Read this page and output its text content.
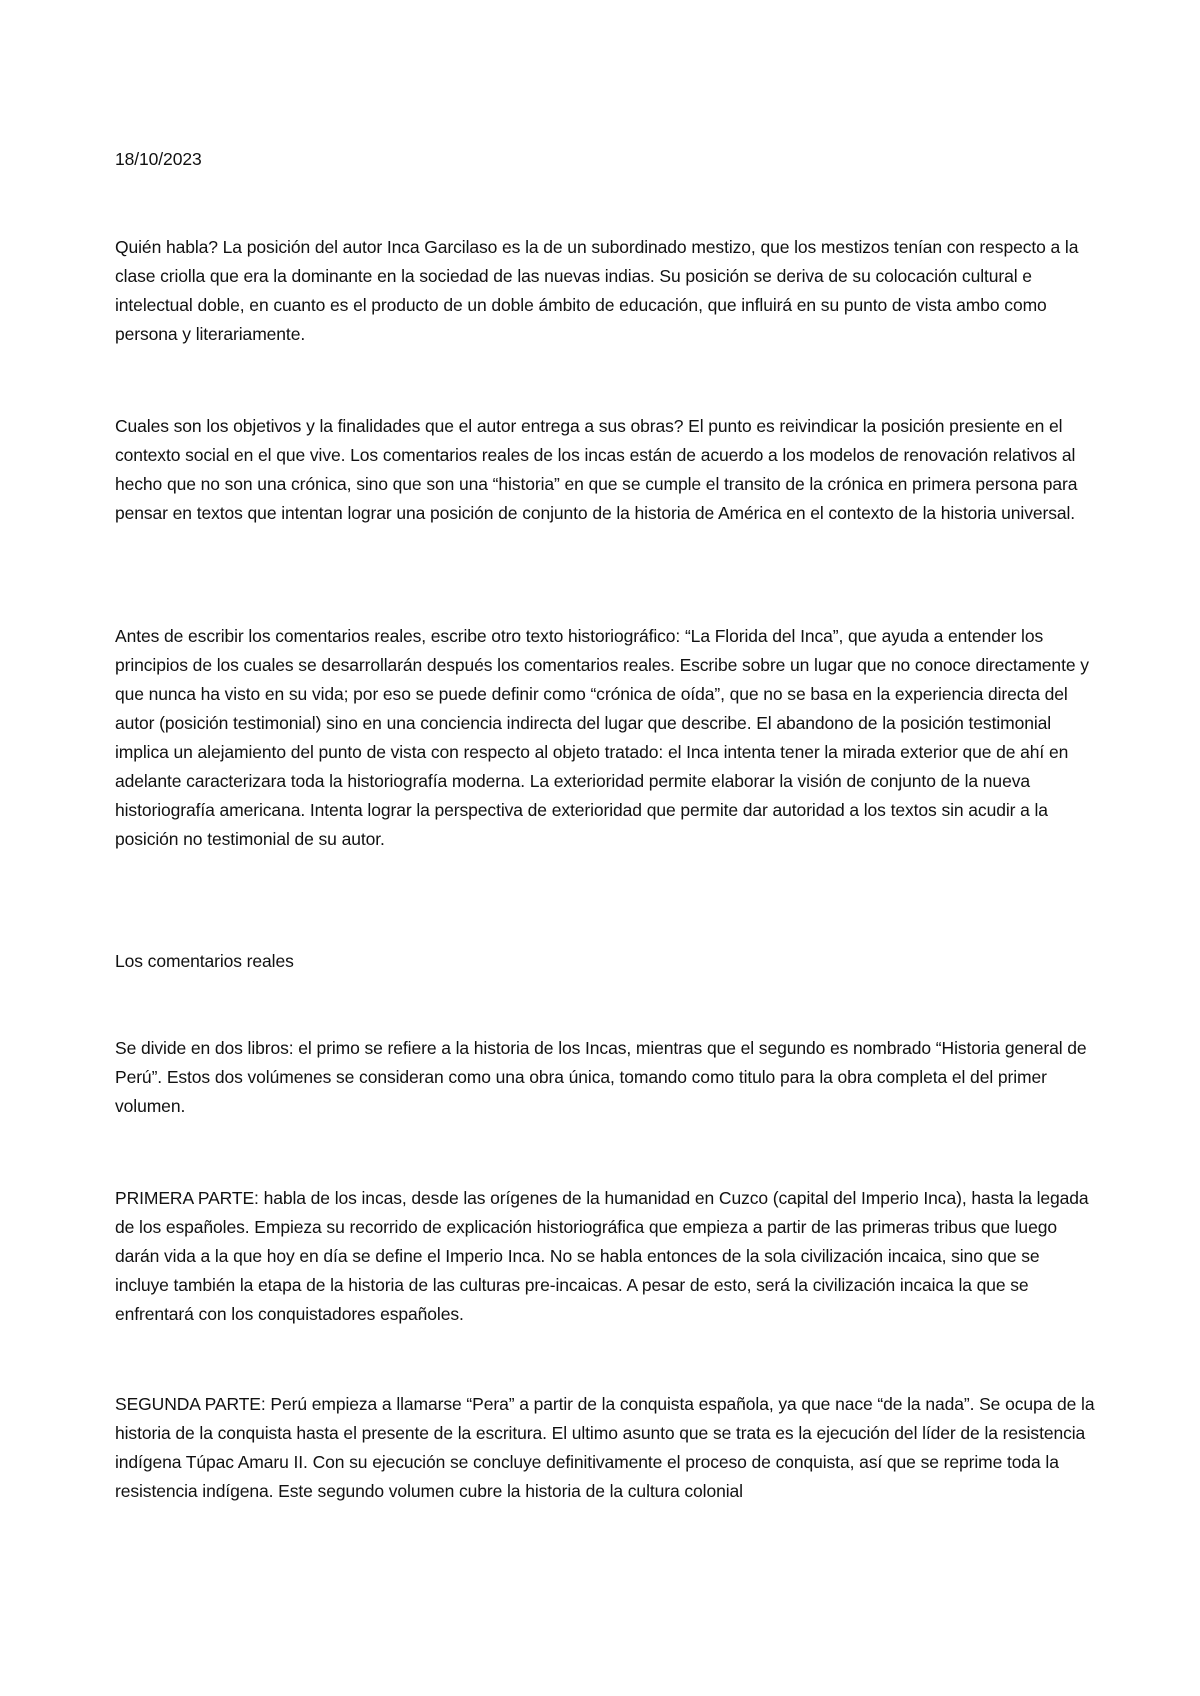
18/10/2023

Quién habla? La posición del autor Inca Garcilaso es la de un subordinado mestizo, que los mestizos tenían con respecto a la clase criolla que era la dominante en la sociedad de las nuevas indias. Su posición se deriva de su colocación cultural e intelectual doble, en cuanto es el producto de un doble ámbito de educación, que influirá en su punto de vista ambo como persona y literariamente.

Cuales son los objetivos y la finalidades que el autor entrega a sus obras? El punto es reivindicar la posición presiente en el contexto social en el que vive. Los comentarios reales de los incas están de acuerdo a los modelos de renovación relativos al hecho que no son una crónica, sino que son una “historia” en que se cumple el transito de la crónica en primera persona para pensar en textos que intentan lograr una posición de conjunto de la historia de América en el contexto de la historia universal.

Antes de escribir los comentarios reales, escribe otro texto historiográfico: “La Florida del Inca”, que ayuda a entender los principios de los cuales se desarrollarán después los comentarios reales. Escribe sobre un lugar que no conoce directamente y que nunca ha visto en su vida; por eso se puede definir como “crónica de oída”, que no se basa en la experiencia directa del autor (posición testimonial) sino en una conciencia indirecta del lugar que describe. El abandono de la posición testimonial implica un alejamiento del punto de vista con respecto al objeto tratado: el Inca intenta tener la mirada exterior que de ahí en adelante caracterizara toda la historiografía moderna. La exterioridad permite elaborar la visión de conjunto de la nueva historiografía americana. Intenta lograr la perspectiva de exterioridad que permite dar autoridad a los textos sin acudir a la posición no testimonial de su autor.

Los comentarios reales

Se divide en dos libros: el primo se refiere a la historia de los Incas, mientras que el segundo es nombrado “Historia general de Perú”. Estos dos volúmenes se consideran como una obra única, tomando como titulo para la obra completa el del primer volumen.

PRIMERA PARTE: habla de los incas, desde las orígenes de la humanidad en Cuzco (capital del Imperio Inca), hasta la legada de los españoles. Empieza su recorrido de explicación historiográfica que empieza a partir de las primeras tribus que luego darán vida a la que hoy en día se define el Imperio Inca. No se habla entonces de la sola civilización incaica, sino que se incluye también la etapa de la historia de las culturas pre-incaicas. A pesar de esto, será la civilización incaica la que se enfrentará con los conquistadores españoles.

SEGUNDA PARTE: Perú empieza a llamarse “Pera” a partir de la conquista española, ya que nace “de la nada”. Se ocupa de la historia de la conquista hasta el presente de la escritura. El ultimo asunto que se trata es la ejecución del líder de la resistencia indígena Túpac Amaru II. Con su ejecución se concluye definitivamente el proceso de conquista, así que se reprime toda la resistencia indígena. Este segundo volumen cubre la historia de la cultura colonial
